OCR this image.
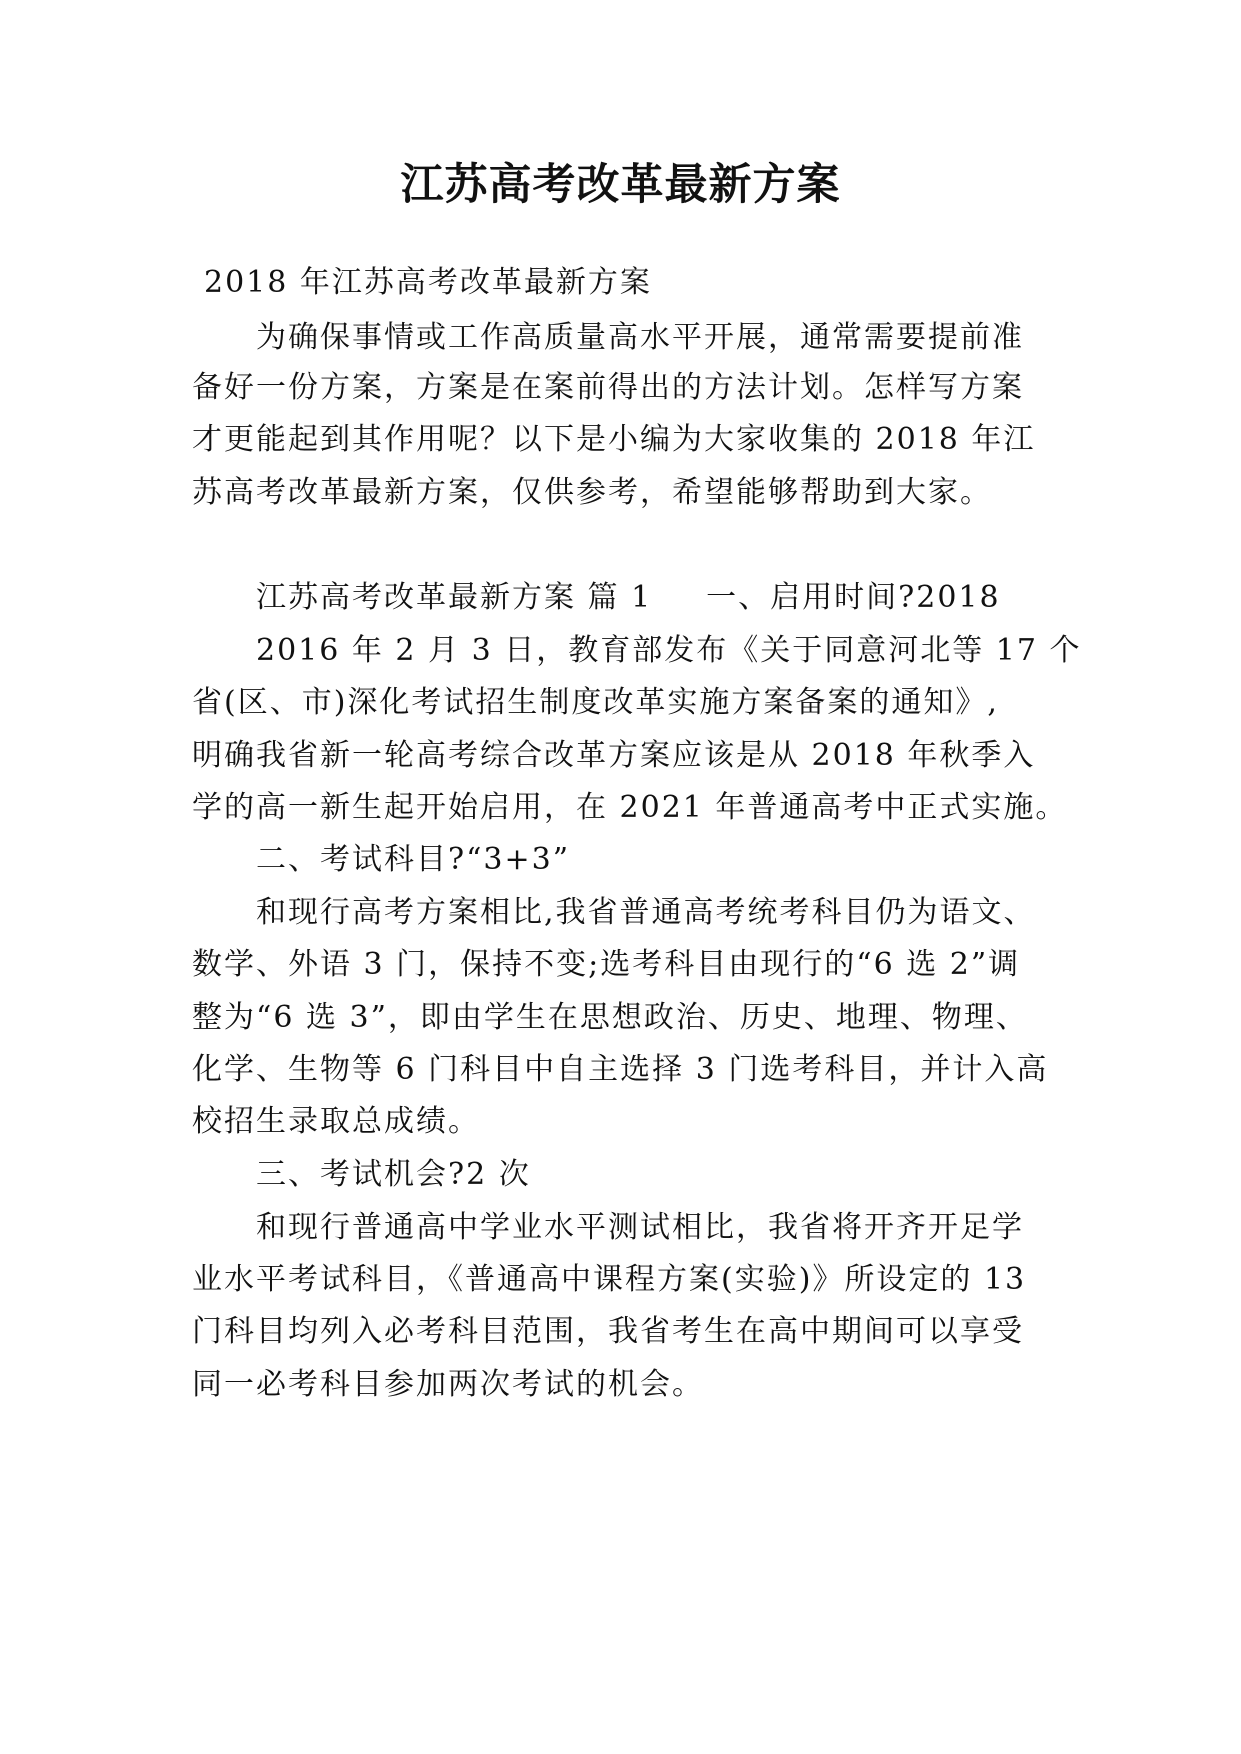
江苏高考改革最新方案

2018 年江苏高考改革最新方案

为确保事情或工作高质量高水平开展，通常需要提前准

备好一份方案，方案是在案前得出的方法计划。怎样写方案

才更能起到其作用呢？以下是小编为大家收集的 2018 年江

苏高考改革最新方案，仅供参考，希望能够帮助到大家。

江苏高考改革最新方案 篇 1 一、启用时间?2018

2016 年 2 月 3 日，教育部发布《关于同意河北等 17 个

省(区、市)深化考试招生制度改革实施方案备案的通知》,

明确我省新一轮高考综合改革方案应该是从 2018 年秋季入

学的高一新生起开始启用，在 2021 年普通高考中正式实施。

二、考试科目?“3+3”

和现行高考方案相比,我省普通高考统考科目仍为语文、

数学、外语 3 门，保持不变;选考科目由现行的“6 选 2”调

整为“6 选 3”，即由学生在思想政治、历史、地理、物理、

化学、生物等 6 门科目中自主选择 3 门选考科目，并计入高

校招生录取总成绩。

三、考试机会?2 次

和现行普通高中学业水平测试相比，我省将开齐开足学

业水平考试科目，《普通高中课程方案(实验)》所设定的 13

门科目均列入必考科目范围，我省考生在高中期间可以享受

同一必考科目参加两次考试的机会。
